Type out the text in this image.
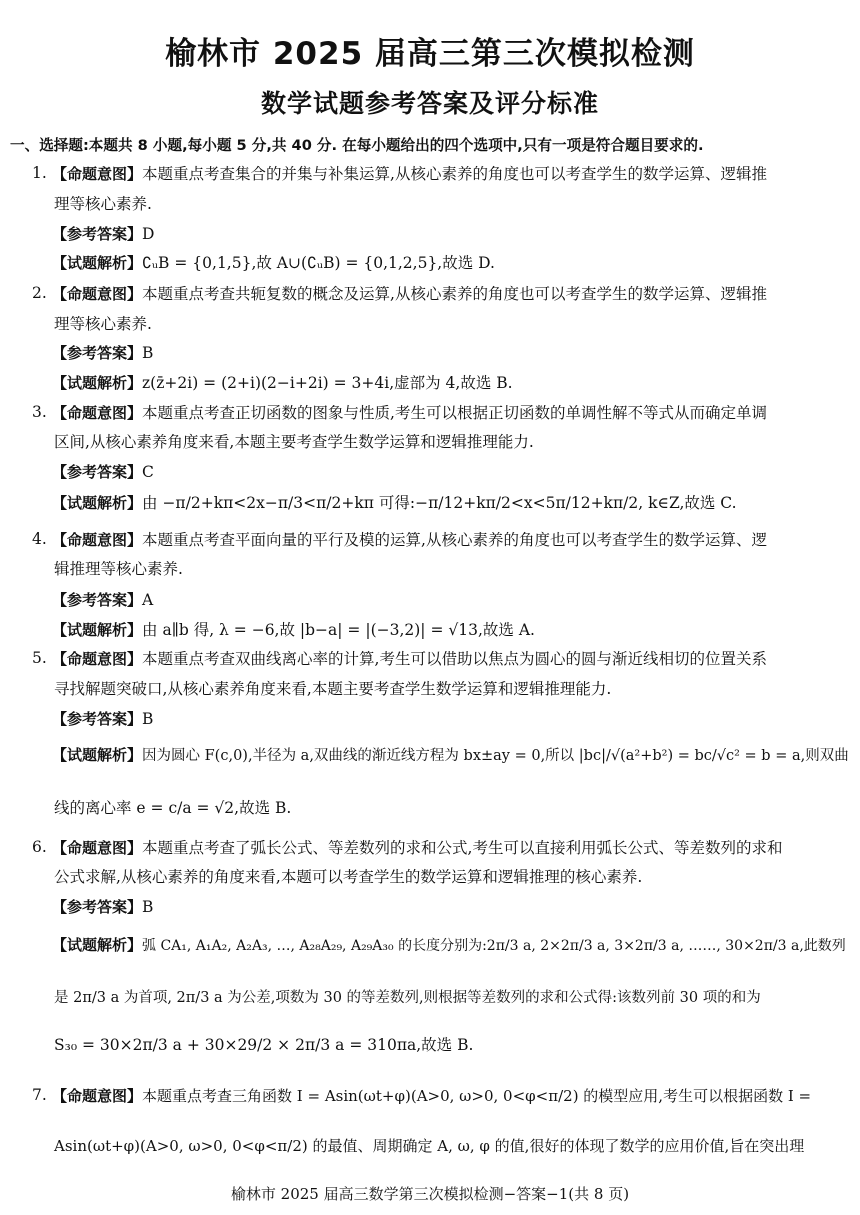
榆林市 2025 届高三第三次模拟检测
数学试题参考答案及评分标准
一、选择题:本题共 8 小题,每小题 5 分,共 40 分. 在每小题给出的四个选项中,只有一项是符合题目要求的.
1. 【命题意图】本题重点考查集合的并集与补集运算,从核心素养的角度也可以考查学生的数学运算、逻辑推
理等核心素养.
【参考答案】D
【试题解析】∁ᵤB = {0,1,5},故 A∪(∁ᵤB) = {0,1,2,5},故选 D.
2. 【命题意图】本题重点考查共轭复数的概念及运算,从核心素养的角度也可以考查学生的数学运算、逻辑推
理等核心素养.
【参考答案】B
【试题解析】z(z̄+2i) = (2+i)(2−i+2i) = 3+4i,虚部为 4,故选 B.
3. 【命题意图】本题重点考查正切函数的图象与性质,考生可以根据正切函数的单调性解不等式从而确定单调
区间,从核心素养角度来看,本题主要考查学生数学运算和逻辑推理能力.
【参考答案】C
【试题解析】由 −π/2+kπ<2x−π/3<π/2+kπ 可得:−π/12+kπ/2<x<5π/12+kπ/2, k∈Z,故选 C.
4. 【命题意图】本题重点考查平面向量的平行及模的运算,从核心素养的角度也可以考查学生的数学运算、逻
辑推理等核心素养.
【参考答案】A
【试题解析】由 a∥b 得, λ = −6,故 |b−a| = |(−3,2)| = √13,故选 A.
5. 【命题意图】本题重点考查双曲线离心率的计算,考生可以借助以焦点为圆心的圆与渐近线相切的位置关系
寻找解题突破口,从核心素养角度来看,本题主要考查学生数学运算和逻辑推理能力.
【参考答案】B
【试题解析】因为圆心 F(c,0),半径为 a,双曲线的渐近线方程为 bx±ay = 0,所以 |bc|/√(a²+b²) = bc/√c² = b = a,则双曲
线的离心率 e = c/a = √2,故选 B.
6. 【命题意图】本题重点考查了弧长公式、等差数列的求和公式,考生可以直接利用弧长公式、等差数列的求和
公式求解,从核心素养的角度来看,本题可以考查学生的数学运算和逻辑推理的核心素养.
【参考答案】B
【试题解析】弧 CA₁, A₁A₂, A₂A₃, …, A₂₈A₂₉, A₂₉A₃₀ 的长度分别为:2π/3 a, 2×2π/3 a, 3×2π/3 a, ……, 30×2π/3 a,此数列
是 2π/3 a 为首项, 2π/3 a 为公差,项数为 30 的等差数列,则根据等差数列的求和公式得:该数列前 30 项的和为
S₃₀ = 30×2π/3 a + 30×29/2 × 2π/3 a = 310πa,故选 B.
7. 【命题意图】本题重点考查三角函数 I = Asin(ωt+φ)(A>0, ω>0, 0<φ<π/2) 的模型应用,考生可以根据函数 I =
Asin(ωt+φ)(A>0, ω>0, 0<φ<π/2) 的最值、周期确定 A, ω, φ 的值,很好的体现了数学的应用价值,旨在突出理
榆林市 2025 届高三数学第三次模拟检测−答案−1(共 8 页)
